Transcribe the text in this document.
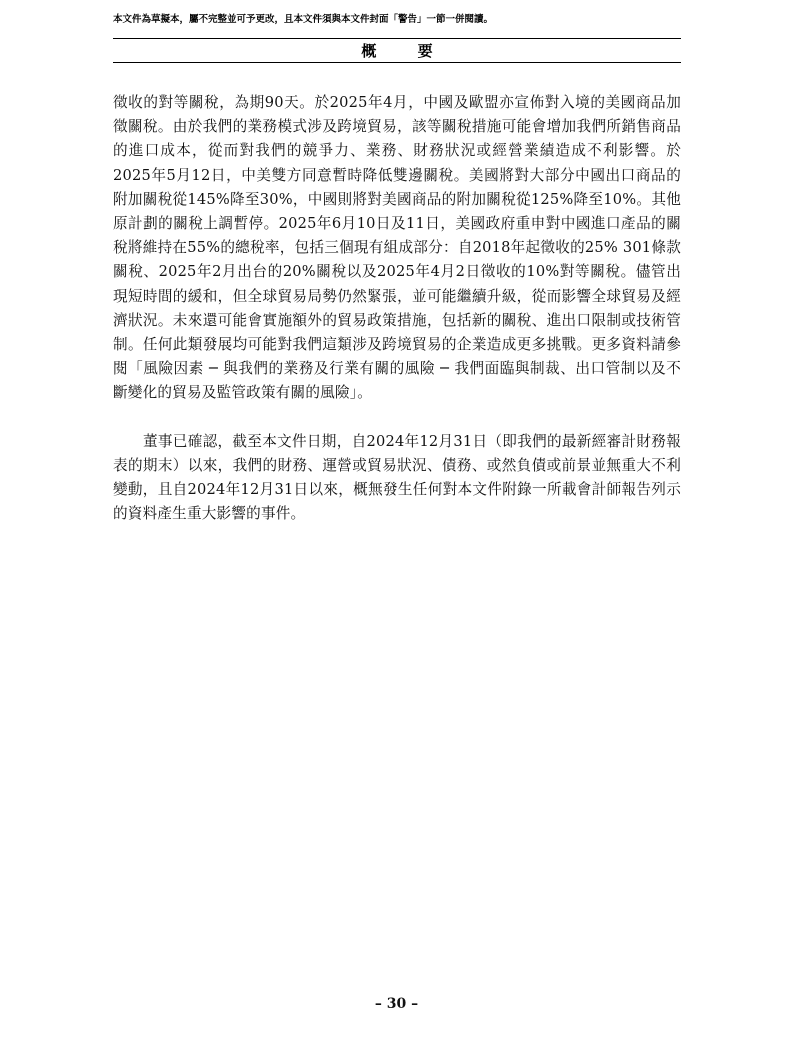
本文件為草擬本，屬不完整並可予更改，且本文件須與本文件封面「警告」一節一併閱讀。
概 要

徵收的對等關稅，為期90天。於2025年4月，中國及歐盟亦宣佈對入境的美國商品加徵關稅。由於我們的業務模式涉及跨境貿易，該等關稅措施可能會增加我們所銷售商品的進口成本，從而對我們的競爭力、業務、財務狀況或經營業績造成不利影響。於2025年5月12日，中美雙方同意暫時降低雙邊關稅。美國將對大部分中國出口商品的附加關稅從145%降至30%，中國則將對美國商品的附加關稅從125%降至10%。其他原計劃的關稅上調暫停。2025年6月10日及11日，美國政府重申對中國進口產品的關稅將維持在55%的總稅率，包括三個現有組成部分：自2018年起徵收的25% 301條款關稅、2025年2月出台的20%關稅以及2025年4月2日徵收的10%對等關稅。儘管出現短時間的緩和，但全球貿易局勢仍然緊張，並可能繼續升級，從而影響全球貿易及經濟狀況。未來還可能會實施額外的貿易政策措施，包括新的關稅、進出口限制或技術管制。任何此類發展均可能對我們這類涉及跨境貿易的企業造成更多挑戰。更多資料請參閱「風險因素 ─ 與我們的業務及行業有關的風險 ─ 我們面臨與制裁、出口管制以及不斷變化的貿易及監管政策有關的風險」。

董事已確認，截至本文件日期，自2024年12月31日（即我們的最新經審計財務報表的期末）以來，我們的財務、運營或貿易狀況、債務、或然負債或前景並無重大不利變動，且自2024年12月31日以來，概無發生任何對本文件附錄一所載會計師報告列示的資料產生重大影響的事件。

– 30 –
